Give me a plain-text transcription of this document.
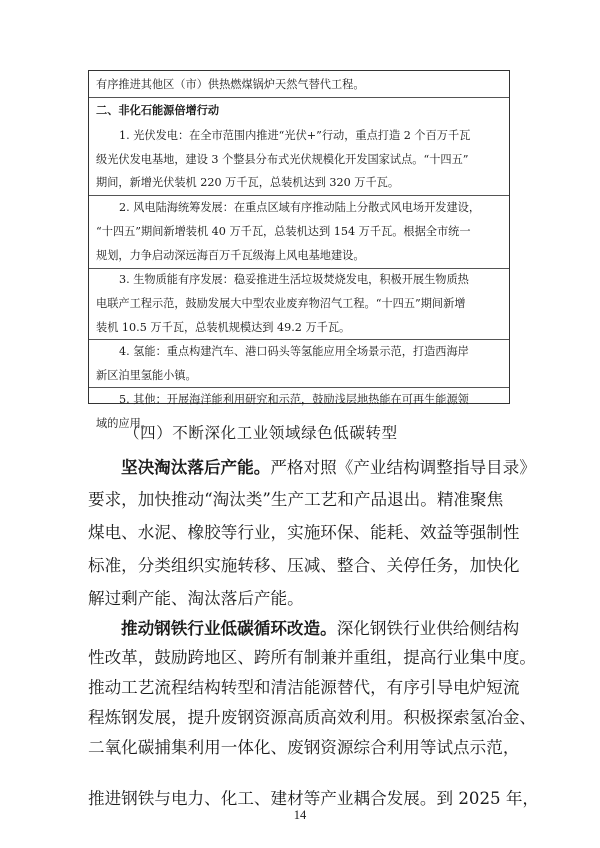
有序推进其他区（市）供热燃煤锅炉天然气替代工程。
二、非化石能源倍增行动
1. 光伏发电：在全市范围内推进“光伏+”行动，重点打造 2 个百万千瓦
级光伏发电基地，建设 3 个整县分布式光伏规模化开发国家试点。“十四五”
期间，新增光伏装机 220 万千瓦，总装机达到 320 万千瓦。
2. 风电陆海统筹发展：在重点区域有序推动陆上分散式风电场开发建设，
“十四五”期间新增装机 40 万千瓦，总装机达到 154 万千瓦。根据全市统一
规划，力争启动深远海百万千瓦级海上风电基地建设。
3. 生物质能有序发展：稳妥推进生活垃圾焚烧发电，积极开展生物质热
电联产工程示范，鼓励发展大中型农业废弃物沼气工程。“十四五”期间新增
装机 10.5 万千瓦，总装机规模达到 49.2 万千瓦。
4. 氢能：重点构建汽车、港口码头等氢能应用全场景示范，打造西海岸
新区泊里氢能小镇。
5. 其他：开展海洋能利用研究和示范，鼓励浅层地热能在可再生能源领
域的应用。
（四）不断深化工业领域绿色低碳转型
坚决淘汰落后产能。严格对照《产业结构调整指导目录》
要求，加快推动“淘汰类”生产工艺和产品退出。精准聚焦
煤电、水泥、橡胶等行业，实施环保、能耗、效益等强制性
标准，分类组织实施转移、压减、整合、关停任务，加快化
解过剩产能、淘汰落后产能。
推动钢铁行业低碳循环改造。深化钢铁行业供给侧结构
性改革，鼓励跨地区、跨所有制兼并重组，提高行业集中度。
推动工艺流程结构转型和清洁能源替代，有序引导电炉短流
程炼钢发展，提升废钢资源高质高效利用。积极探索氢冶金、
二氧化碳捕集利用一体化、废钢资源综合利用等试点示范，
14
推进钢铁与电力、化工、建材等产业耦合发展。到 2025 年，
